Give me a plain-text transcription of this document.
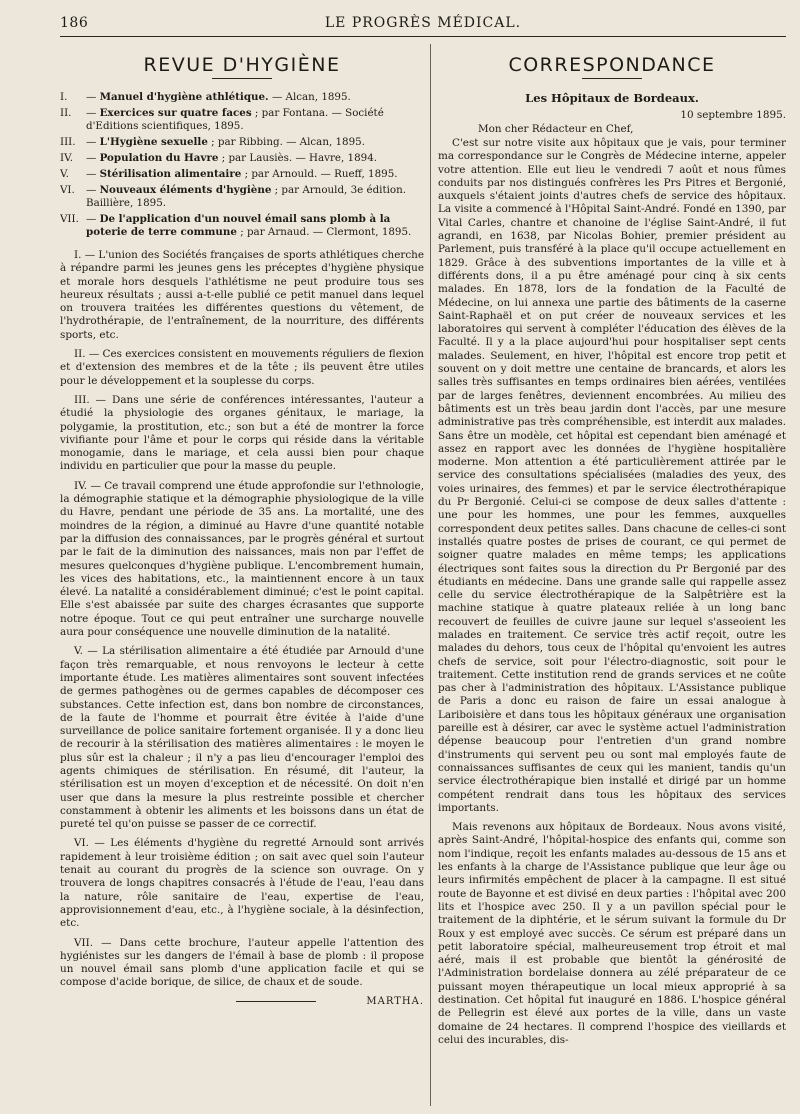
186	LE PROGRÈS MÉDICAL.
REVUE D'HYGIÈNE
I. — Manuel d'hygiène athlétique. — Alcan, 1895.
II. — Exercices sur quatre faces ; par Fontana. — Société d'Editions scientifiques, 1895.
III. — L'Hygiène sexuelle ; par Ribbing. — Alcan, 1895.
IV. — Population du Havre ; par Lausiès. — Havre, 1894.
V. — Stérilisation alimentaire ; par Arnould. — Rueff, 1895.
VI. — Nouveaux éléments d'hygiène ; par Arnould, 3e édition. Baillière, 1895.
VII. — De l'application d'un nouvel émail sans plomb à la poterie de terre commune ; par Arnaud. — Clermont, 1895.

I. — L'union des Sociétés françaises de sports athlétiques cherche à répandre parmi les jeunes gens les préceptes d'hygiène physique et morale hors desquels l'athlétisme ne peut produire tous ses heureux résultats ; aussi a-t-elle publié ce petit manuel dans lequel on trouvera traitées les différentes questions du vêtement, de l'hydrothérapie, de l'entraînement, de la nourriture, des différents sports, etc.

II. — Ces exercices consistent en mouvements réguliers de flexion et d'extension des membres et de la tête ; ils peuvent être utiles pour le développement et la souplesse du corps.

III. — Dans une série de conférences intéressantes, l'auteur a étudié la physiologie des organes génitaux, le mariage, la polygamie, la prostitution, etc.; son but a été de montrer la force vivifiante pour l'âme et pour le corps qui réside dans la véritable monogamie, dans le mariage, et cela aussi bien pour chaque individu en particulier que pour la masse du peuple.

IV. — Ce travail comprend une étude approfondie sur l'ethnologie, la démographie statique et la démographie physiologique de la ville du Havre, pendant une période de 35 ans. La mortalité, une des moindres de la région, a diminué au Havre d'une quantité notable par la diffusion des connaissances, par le progrès général et surtout par le fait de la diminution des naissances, mais non par l'effet de mesures quelconques d'hygiène publique. L'encombrement humain, les vices des habitations, etc., la maintiennent encore à un taux élevé. La natalité a considérablement diminué; c'est le point capital. Elle s'est abaissée par suite des charges écrasantes que supporte notre époque. Tout ce qui peut entraîner une surcharge nouvelle aura pour conséquence une nouvelle diminution de la natalité.

V. — La stérilisation alimentaire a été étudiée par Arnould d'une façon très remarquable, et nous renvoyons le lecteur à cette importante étude. Les matières alimentaires sont souvent infectées de germes pathogènes ou de germes capables de décomposer ces substances. Cette infection est, dans bon nombre de circonstances, de la faute de l'homme et pourrait être évitée à l'aide d'une surveillance de police sanitaire fortement organisée. Il y a donc lieu de recourir à la stérilisation des matières alimentaires : le moyen le plus sûr est la chaleur ; il n'y a pas lieu d'encourager l'emploi des agents chimiques de stérilisation. En résumé, dit l'auteur, la stérilisation est un moyen d'exception et de nécessité. On doit n'en user que dans la mesure la plus restreinte possible et chercher constamment à obtenir les aliments et les boissons dans un état de pureté tel qu'on puisse se passer de ce correctif.

VI. — Les éléments d'hygiène du regretté Arnould sont arrivés rapidement à leur troisième édition ; on sait avec quel soin l'auteur tenait au courant du progrès de la science son ouvrage. On y trouvera de longs chapitres consacrés à l'étude de l'eau, l'eau dans la nature, rôle sanitaire de l'eau, expertise de l'eau, approvisionnement d'eau, etc., à l'hygiène sociale, à la désinfection, etc.

VII. — Dans cette brochure, l'auteur appelle l'attention des hygiénistes sur les dangers de l'émail à base de plomb : il propose un nouvel émail sans plomb d'une application facile et qui se compose d'acide borique, de silice, de chaux et de soude.

MARTHA.
CORRESPONDANCE
Les Hôpitaux de Bordeaux.
10 septembre 1895.
Mon cher Rédacteur en Chef,

C'est sur notre visite aux hôpitaux que je vais, pour terminer ma correspondance sur le Congrès de Médecine interne, appeler votre attention. Elle eut lieu le vendredi 7 août et nous fûmes conduits par nos distingués confrères les Prs Pitres et Bergonié, auxquels s'étaient joints d'autres chefs de service des hôpitaux. La visite a commencé à l'Hôpital Saint-André. Fondé en 1390, par Vital Carles, chantre et chanoine de l'église Saint-André, il fut agrandi, en 1638, par Nicolas Bohier, premier président au Parlement, puis transféré à la place qu'il occupe actuellement en 1829. Grâce à des subventions importantes de la ville et à différents dons, il a pu être aménagé pour cinq à six cents malades. En 1878, lors de la fondation de la Faculté de Médecine, on lui annexa une partie des bâtiments de la caserne Saint-Raphaël et on put créer de nouveaux services et les laboratoires qui servent à compléter l'éducation des élèves de la Faculté. Il y a la place aujourd'hui pour hospitaliser sept cents malades. Seulement, en hiver, l'hôpital est encore trop petit et souvent on y doit mettre une centaine de brancards, et alors les salles très suffisantes en temps ordinaires bien aérées, ventilées par de larges fenêtres, deviennent encombrées. Au milieu des bâtiments est un très beau jardin dont l'accès, par une mesure administrative pas très compréhensible, est interdit aux malades. Sans être un modèle, cet hôpital est cependant bien aménagé et assez en rapport avec les données de l'hygiène hospitalière moderne. Mon attention a été particulièrement attirée par le service des consultations spécialisées (maladies des yeux, des voies urinaires, des femmes) et par le service électrothérapique du Pr Bergonié. Celui-ci se compose de deux salles d'attente : une pour les hommes, une pour les femmes, auxquelles correspondent deux petites salles. Dans chacune de celles-ci sont installés quatre postes de prises de courant, ce qui permet de soigner quatre malades en même temps; les applications électriques sont faites sous la direction du Pr Bergonié par des étudiants en médecine. Dans une grande salle qui rappelle assez celle du service électrothérapique de la Salpêtrière est la machine statique à quatre plateaux reliée à un long banc recouvert de feuilles de cuivre jaune sur lequel s'asseoient les malades en traitement. Ce service très actif reçoit, outre les malades du dehors, tous ceux de l'hôpital qu'envoient les autres chefs de service, soit pour l'électro-diagnostic, soit pour le traitement. Cette institution rend de grands services et ne coûte pas cher à l'administration des hôpitaux. L'Assistance publique de Paris a donc eu raison de faire un essai analogue à Lariboisière et dans tous les hôpitaux généraux une organisation pareille est à désirer, car avec le système actuel l'administration dépense beaucoup pour l'entretien d'un grand nombre d'instruments qui servent peu ou sont mal employés faute de connaissances suffisantes de ceux qui les manient, tandis qu'un service électrothérapique bien installé et dirigé par un homme compétent rendrait dans tous les hôpitaux des services importants.

Mais revenons aux hôpitaux de Bordeaux. Nous avons visité, après Saint-André, l'hôpital-hospice des enfants qui, comme son nom l'indique, reçoit les enfants malades au-dessous de 15 ans et les enfants à la charge de l'Assistance publique que leur âge ou leurs infirmités empêchent de placer à la campagne. Il est situé route de Bayonne et est divisé en deux parties : l'hôpital avec 200 lits et l'hospice avec 250. Il y a un pavillon spécial pour le traitement de la diphtérie, et le sérum suivant la formule du Dr Roux y est employé avec succès. Ce sérum est préparé dans un petit laboratoire spécial, malheureusement trop étroit et mal aéré, mais il est probable que bientôt la générosité de l'Administration bordelaise donnera au zélé préparateur de ce puissant moyen thérapeutique un local mieux approprié à sa destination. Cet hôpital fut inauguré en 1886. L'hospice général de Pellegrin est élevé aux portes de la ville, dans un vaste domaine de 24 hectares. Il comprend l'hospice des vieillards et celui des incurables, dis-
